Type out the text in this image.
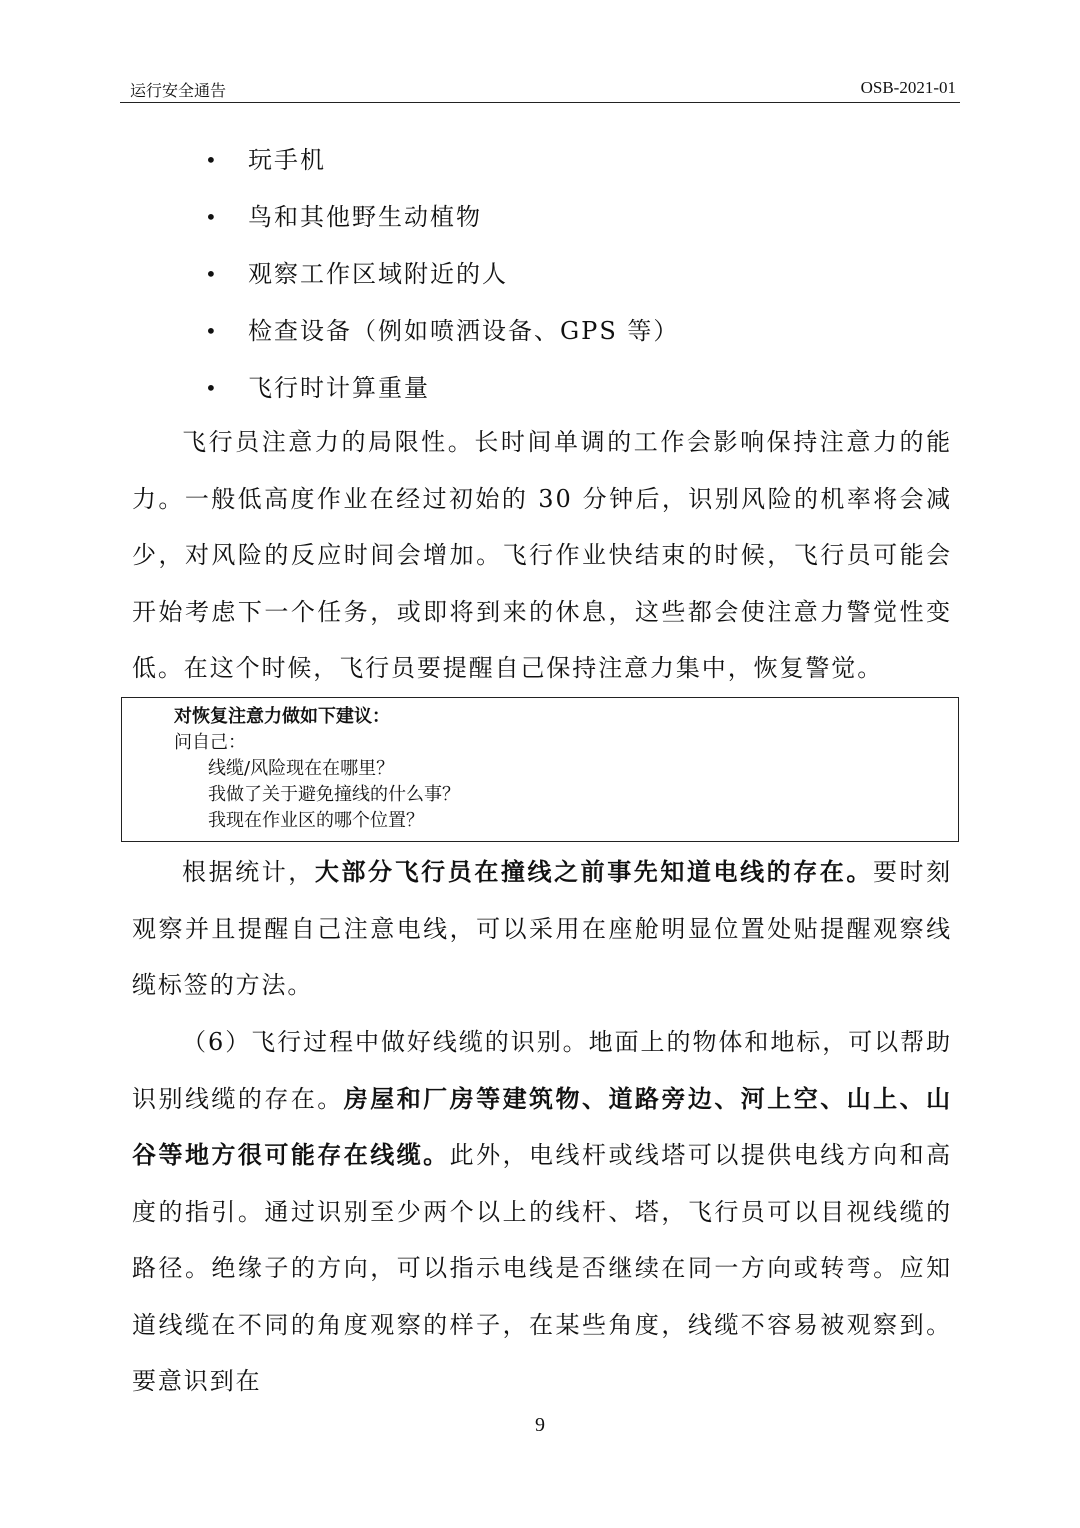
运行安全通告	OSB-2021-01
• 玩手机
• 鸟和其他野生动植物
• 观察工作区域附近的人
• 检查设备（例如喷洒设备、GPS 等）
• 飞行时计算重量
飞行员注意力的局限性。长时间单调的工作会影响保持注意力的能力。一般低高度作业在经过初始的 30 分钟后，识别风险的机率将会减少，对风险的反应时间会增加。飞行作业快结束的时候，飞行员可能会开始考虑下一个任务，或即将到来的休息，这些都会使注意力警觉性变低。在这个时候，飞行员要提醒自己保持注意力集中，恢复警觉。
对恢复注意力做如下建议：
问自己：
线缆/风险现在在哪里？
我做了关于避免撞线的什么事？
我现在作业区的哪个位置？
根据统计，大部分飞行员在撞线之前事先知道电线的存在。要时刻观察并且提醒自己注意电线，可以采用在座舱明显位置处贴提醒观察线缆标签的方法。
（6）飞行过程中做好线缆的识别。地面上的物体和地标，可以帮助识别线缆的存在。房屋和厂房等建筑物、道路旁边、河上空、山上、山谷等地方很可能存在线缆。此外，电线杆或线塔可以提供电线方向和高度的指引。通过识别至少两个以上的线杆、塔，飞行员可以目视线缆的路径。绝缘子的方向，可以指示电线是否继续在同一方向或转弯。应知道线缆在不同的角度观察的样子，在某些角度，线缆不容易被观察到。要意识到在
9
